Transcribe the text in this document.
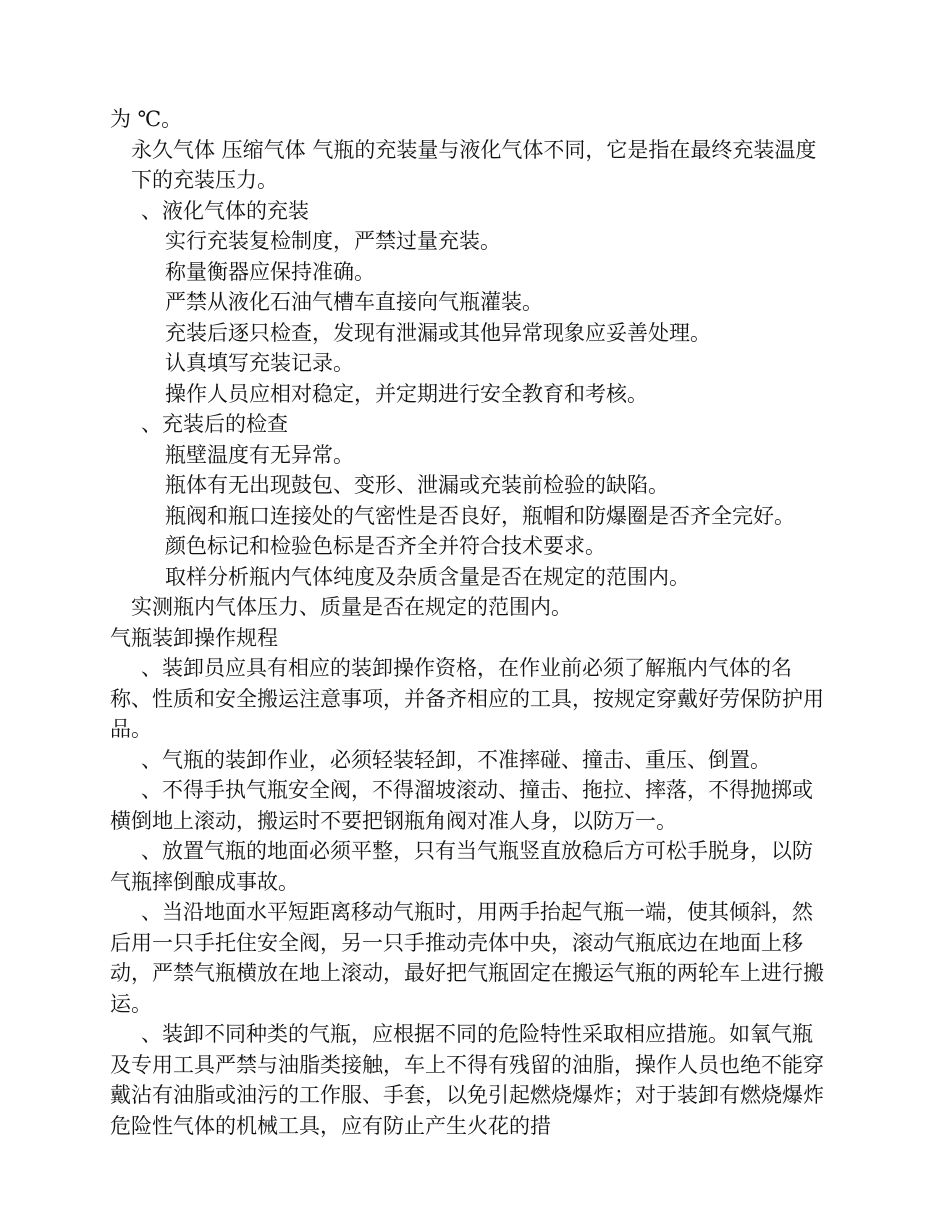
为 ℃。
永久气体 压缩气体 气瓶的充装量与液化气体不同，它是指在最终充装温度下的充装压力。
、液化气体的充装
实行充装复检制度，严禁过量充装。
称量衡器应保持准确。
严禁从液化石油气槽车直接向气瓶灌装。
充装后逐只检查，发现有泄漏或其他异常现象应妥善处理。
认真填写充装记录。
操作人员应相对稳定，并定期进行安全教育和考核。
、充装后的检查
瓶壁温度有无异常。
瓶体有无出现鼓包、变形、泄漏或充装前检验的缺陷。
瓶阀和瓶口连接处的气密性是否良好，瓶帽和防爆圈是否齐全完好。
颜色标记和检验色标是否齐全并符合技术要求。
取样分析瓶内气体纯度及杂质含量是否在规定的范围内。
实测瓶内气体压力、质量是否在规定的范围内。
气瓶装卸操作规程
、装卸员应具有相应的装卸操作资格，在作业前必须了解瓶内气体的名称、性质和安全搬运注意事项，并备齐相应的工具，按规定穿戴好劳保防护用品。
、气瓶的装卸作业，必须轻装轻卸，不准摔碰、撞击、重压、倒置。
、不得手执气瓶安全阀，不得溜坡滚动、撞击、拖拉、摔落，不得抛掷或横倒地上滚动，搬运时不要把钢瓶角阀对准人身，以防万一。
、放置气瓶的地面必须平整，只有当气瓶竖直放稳后方可松手脱身，以防气瓶摔倒酿成事故。
、当沿地面水平短距离移动气瓶时，用两手抬起气瓶一端，使其倾斜，然后用一只手托住安全阀，另一只手推动壳体中央，滚动气瓶底边在地面上移动，严禁气瓶横放在地上滚动，最好把气瓶固定在搬运气瓶的两轮车上进行搬运。
、装卸不同种类的气瓶，应根据不同的危险特性采取相应措施。如氧气瓶及专用工具严禁与油脂类接触，车上不得有残留的油脂，操作人员也绝不能穿戴沾有油脂或油污的工作服、手套，以免引起燃烧爆炸；对于装卸有燃烧爆炸危险性气体的机械工具，应有防止产生火花的措
